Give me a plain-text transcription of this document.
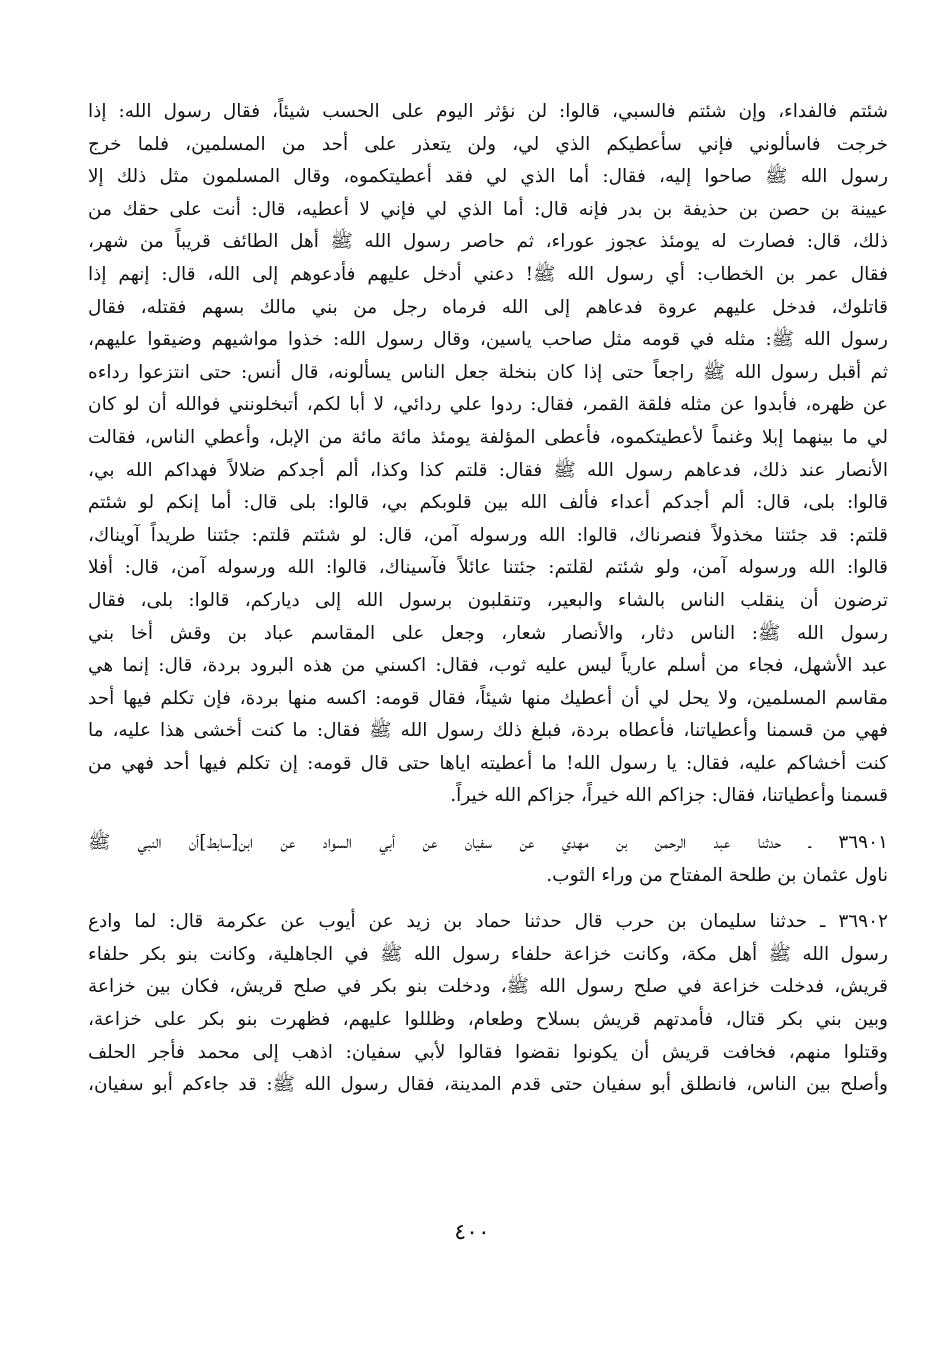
شئتم فالفداء، وإن شئتم فالسبي، قالوا: لن نؤثر اليوم على الحسب شيئاً، فقال رسول الله: إذا
خرجت فاسألوني فإني سأعطيكم الذي لي، ولن يتعذر على أحد من المسلمين، فلما خرج
رسول الله ﷺ صاحوا إليه، فقال: أما الذي لي فقد أعطيتكموه، وقال المسلمون مثل ذلك إلا
عيينة بن حصن بن حذيفة بن بدر فإنه قال: أما الذي لي فإني لا أعطيه، قال: أنت على حقك من
ذلك، قال: فصارت له يومئذ عجوز عوراء، ثم حاصر رسول الله ﷺ أهل الطائف قريباً من شهر،
فقال عمر بن الخطاب: أي رسول الله ﷺ! دعني أدخل عليهم فأدعوهم إلى الله، قال: إنهم إذا
قاتلوك، فدخل عليهم عروة فدعاهم إلى الله فرماه رجل من بني مالك بسهم فقتله، فقال
رسول الله ﷺ: مثله في قومه مثل صاحب ياسين، وقال رسول الله: خذوا مواشيهم وضيقوا عليهم،
ثم أقبل رسول الله ﷺ راجعاً حتى إذا كان بنخلة جعل الناس يسألونه، قال أنس: حتى انتزعوا رداءه
عن ظهره، فأبدوا عن مثله فلقة القمر، فقال: ردوا علي ردائي، لا أبا لكم، أتبخلونني فوالله أن لو كان
لي ما بينهما إبلا وغنماً لأعطيتكموه، فأعطى المؤلفة يومئذ مائة مائة من الإبل، وأعطي الناس، فقالت
الأنصار عند ذلك، فدعاهم رسول الله ﷺ فقال: قلتم كذا وكذا، ألم أجدكم ضلالاً فهداكم الله بي،
قالوا: بلى، قال: ألم أجدكم أعداء فألف الله بين قلوبكم بي، قالوا: بلى قال: أما إنكم لو شئتم
قلتم: قد جئتنا مخذولاً فنصرناك، قالوا: الله ورسوله آمن، قال: لو شئتم قلتم: جئتنا طريداً آويناك،
قالوا: الله ورسوله آمن، ولو شئتم لقلتم: جئتنا عائلاً فآسيناك، قالوا: الله ورسوله آمن، قال: أفلا
ترضون أن ينقلب الناس بالشاء والبعير، وتنقلبون برسول الله إلى دياركم، قالوا: بلى، فقال
رسول الله ﷺ: الناس دثار، والأنصار شعار، وجعل على المقاسم عباد بن وقش أخا بني
عبد الأشهل، فجاء من أسلم عارياً ليس عليه ثوب، فقال: اكسني من هذه البرود بردة، قال: إنما هي
مقاسم المسلمين، ولا يحل لي أن أعطيك منها شيئاً، فقال قومه: اكسه منها بردة، فإن تكلم فيها أحد
فهي من قسمنا وأعطياتنا، فأعطاه بردة، فبلغ ذلك رسول الله ﷺ فقال: ما كنت أخشى هذا عليه، ما
كنت أخشاكم عليه، فقال: يا رسول الله! ما أعطيته اياها حتى قال قومه: إن تكلم فيها أحد فهي من
قسمنا وأعطياتنا، فقال: جزاكم الله خيراً، جزاكم الله خيراً.
٣٦٩٠١ ـ حدثنا عبد الرحمن بن مهدي عن سفيان عن أبي السواد عن ابن[سابط]أن النبي ﷺ
ناول عثمان بن طلحة المفتاح من وراء الثوب.
٣٦٩٠٢ ـ حدثنا سليمان بن حرب قال حدثنا حماد بن زيد عن أيوب عن عكرمة قال: لما وادع
رسول الله ﷺ أهل مكة، وكانت خزاعة حلفاء رسول الله ﷺ في الجاهلية، وكانت بنو بكر حلفاء
قريش، فدخلت خزاعة في صلح رسول الله ﷺ، ودخلت بنو بكر في صلح قريش، فكان بين خزاعة
وبين بني بكر قتال، فأمدتهم قريش بسلاح وطعام، وظللوا عليهم، فظهرت بنو بكر على خزاعة،
وقتلوا منهم، فخافت قريش أن يكونوا نقضوا فقالوا لأبي سفيان: اذهب إلى محمد فأجر الحلف
وأصلح بين الناس، فانطلق أبو سفيان حتى قدم المدينة، فقال رسول الله ﷺ: قد جاءكم أبو سفيان،
٤٠٠
